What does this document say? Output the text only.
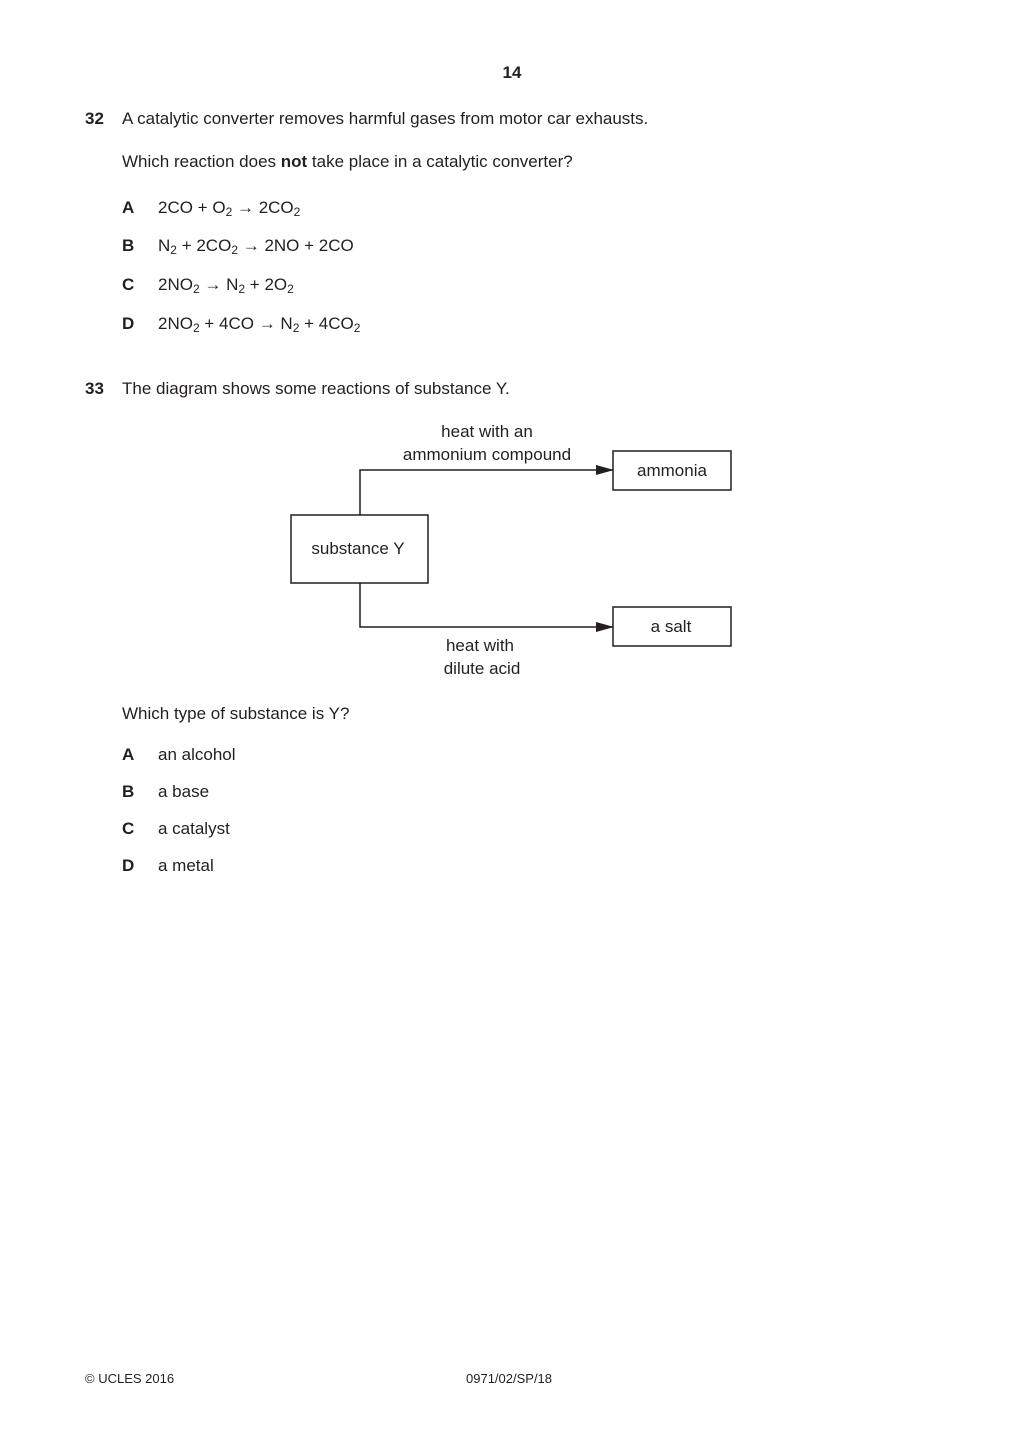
14
32 A catalytic converter removes harmful gases from motor car exhausts.
Which reaction does not take place in a catalytic converter?
A $2CO + O_2 \to 2CO_2$
B $N_2 + 2CO_2 \to 2NO + 2CO$
C $2NO_2 \to N_2 + 2O_2$
D $2NO_2 + 4CO \to N_2 + 4CO_2$
33 The diagram shows some reactions of substance Y.
heat with an
ammonium compound
ammonia
substance Y
a salt
heat with
dilute acid
Which type of substance is Y?
A an alcohol
B a base
C a catalyst
D a metal
© UCLES 2016	0971/02/SP/18
